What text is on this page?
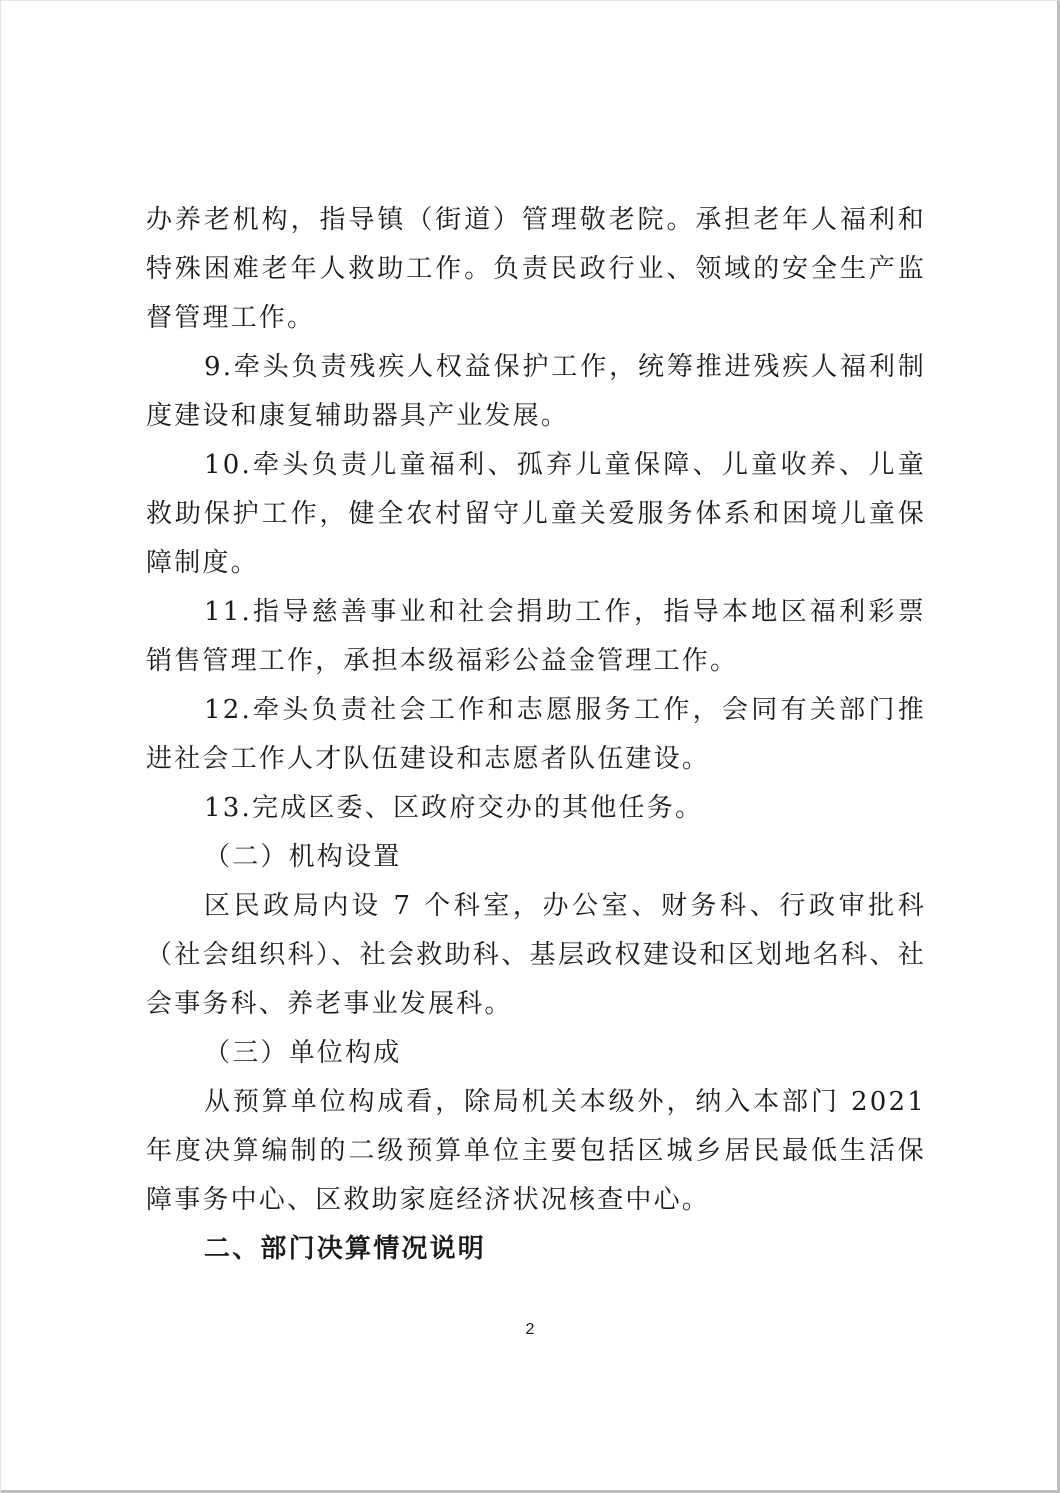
办养老机构，指导镇（街道）管理敬老院。承担老年人福利和特殊困难老年人救助工作。负责民政行业、领域的安全生产监督管理工作。

9.牵头负责残疾人权益保护工作，统筹推进残疾人福利制度建设和康复辅助器具产业发展。

10.牵头负责儿童福利、孤弃儿童保障、儿童收养、儿童救助保护工作，健全农村留守儿童关爱服务体系和困境儿童保障制度。

11.指导慈善事业和社会捐助工作，指导本地区福利彩票销售管理工作，承担本级福彩公益金管理工作。

12.牵头负责社会工作和志愿服务工作，会同有关部门推进社会工作人才队伍建设和志愿者队伍建设。

13.完成区委、区政府交办的其他任务。

（二）机构设置

区民政局内设 7 个科室，办公室、财务科、行政审批科（社会组织科）、社会救助科、基层政权建设和区划地名科、社会事务科、养老事业发展科。

（三）单位构成

从预算单位构成看，除局机关本级外，纳入本部门 2021 年度决算编制的二级预算单位主要包括区城乡居民最低生活保障事务中心、区救助家庭经济状况核查中心。

二、部门决算情况说明

2
